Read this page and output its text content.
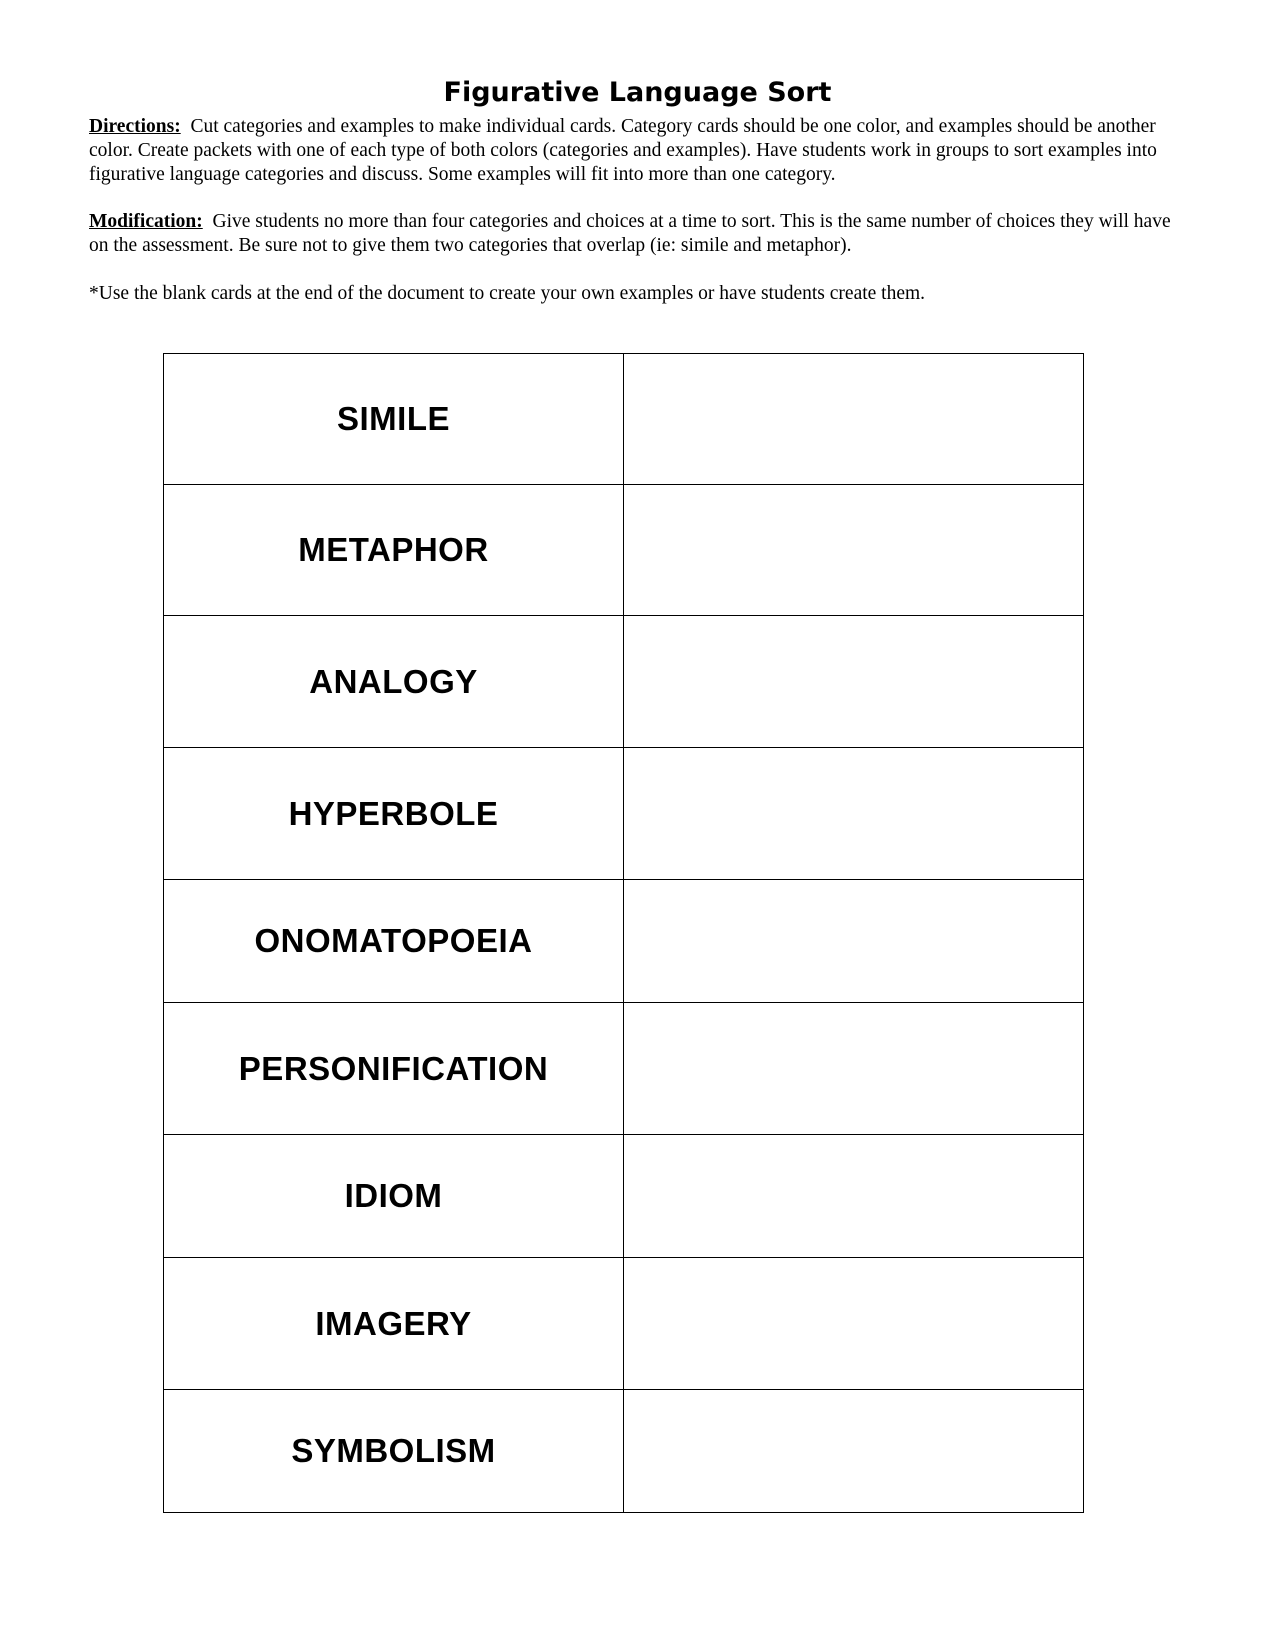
Figurative Language Sort

Directions: Cut categories and examples to make individual cards. Category cards should be one color, and examples should be another color. Create packets with one of each type of both colors (categories and examples). Have students work in groups to sort examples into figurative language categories and discuss. Some examples will fit into more than one category.

Modification: Give students no more than four categories and choices at a time to sort. This is the same number of choices they will have on the assessment. Be sure not to give them two categories that overlap (ie: simile and metaphor).

*Use the blank cards at the end of the document to create your own examples or have students create them.

SIMILE	
METAPHOR	
ANALOGY	
HYPERBOLE	
ONOMATOPOEIA	
PERSONIFICATION	
IDIOM	
IMAGERY	
SYMBOLISM	
